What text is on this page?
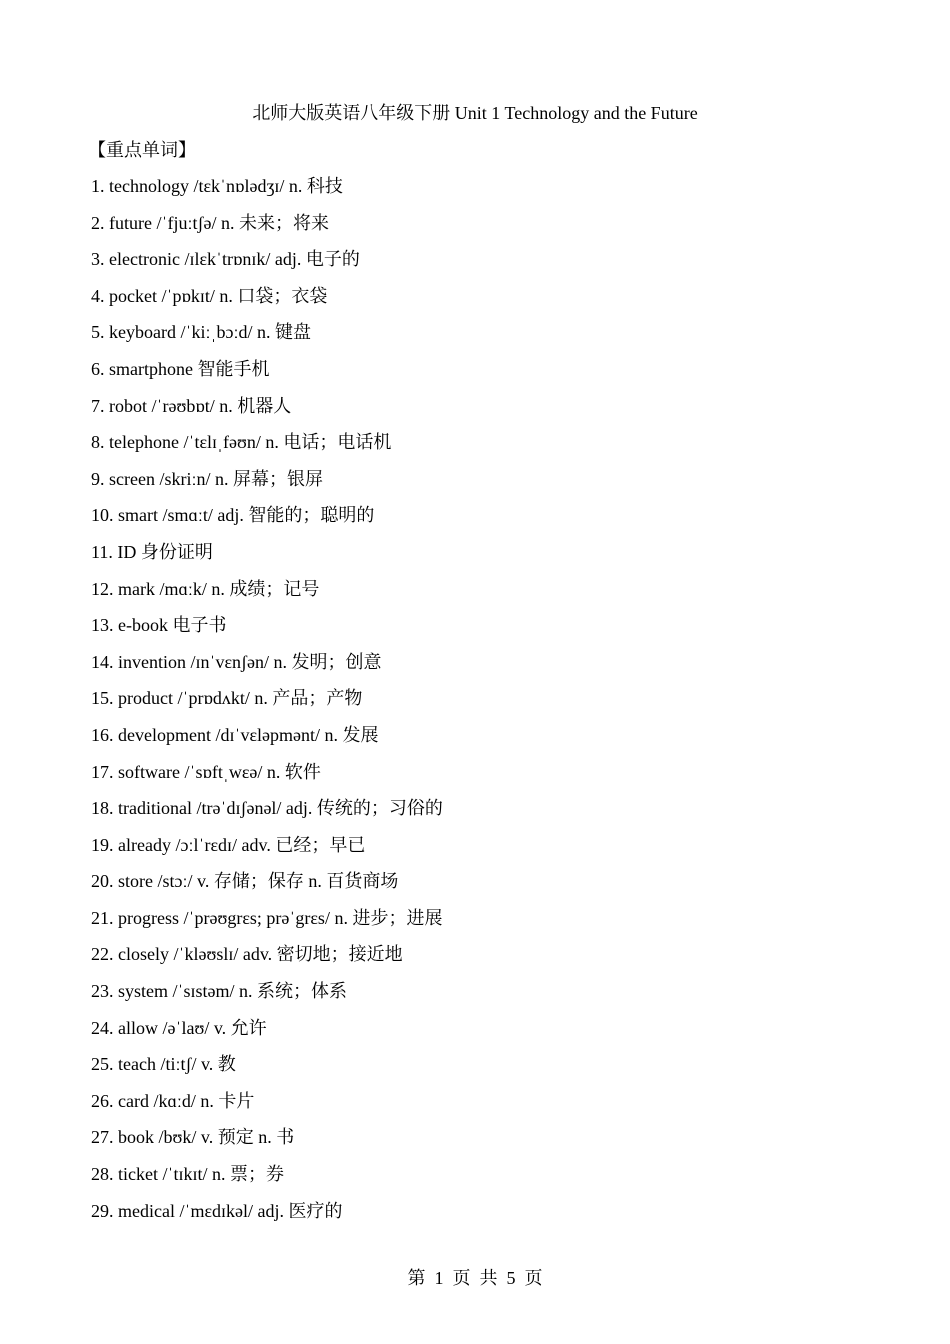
北师大版英语八年级下册 Unit 1 Technology and the Future
【重点单词】
1. technology /tɛkˈnɒlədʒɪ/ n. 科技
2. future /ˈfjuːtʃə/ n. 未来；将来
3. electronic /ɪlɛkˈtrɒnɪk/ adj. 电子的
4. pocket /ˈpɒkɪt/ n. 口袋；衣袋
5. keyboard /ˈkiːˌbɔːd/ n. 键盘
6. smartphone 智能手机
7. robot /ˈrəʊbɒt/ n. 机器人
8. telephone /ˈtɛlɪˌfəʊn/ n. 电话；电话机
9. screen /skriːn/ n. 屏幕；银屏
10. smart /smɑːt/ adj. 智能的；聪明的
11. ID 身份证明
12. mark /mɑːk/ n. 成绩；记号
13. e-book 电子书
14. invention /ɪnˈvɛnʃən/ n. 发明；创意
15. product /ˈprɒdʌkt/ n. 产品；产物
16. development /dɪˈvɛləpmənt/ n. 发展
17. software /ˈsɒftˌwɛə/ n. 软件
18. traditional /trəˈdɪʃənəl/ adj. 传统的；习俗的
19. already /ɔːlˈrɛdɪ/ adv. 已经；早已
20. store /stɔː/ v. 存储；保存 n. 百货商场
21. progress /ˈprəʊgrɛs; prəˈgrɛs/ n. 进步；进展
22. closely /ˈkləʊslɪ/ adv. 密切地；接近地
23. system /ˈsɪstəm/ n. 系统；体系
24. allow /əˈlaʊ/ v. 允许
25. teach /tiːtʃ/ v. 教
26. card /kɑːd/ n. 卡片
27. book /bʊk/ v. 预定 n. 书
28. ticket /ˈtɪkɪt/ n. 票；券
29. medical /ˈmɛdɪkəl/ adj. 医疗的
第  1  页  共  5  页
